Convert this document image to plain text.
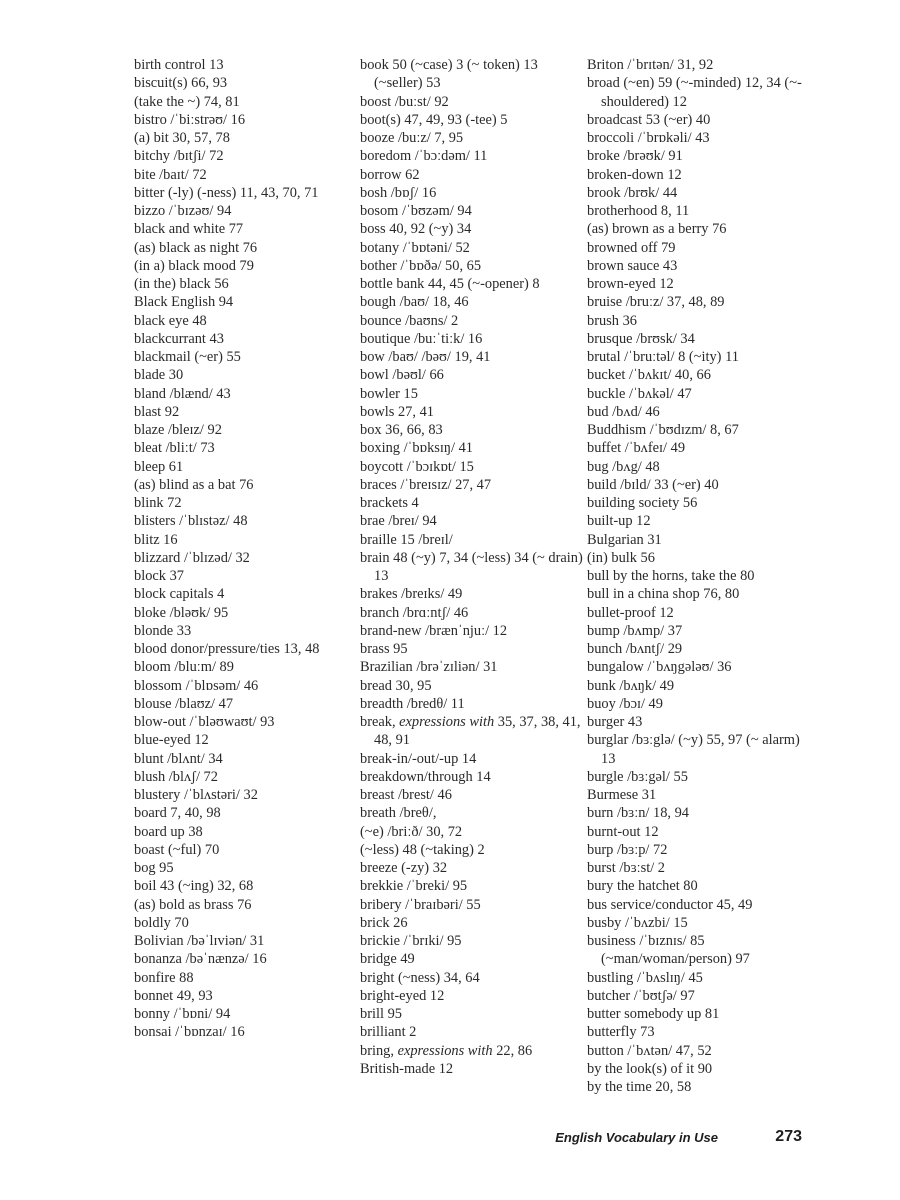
birth control 13
biscuit(s) 66, 93
(take the ~) 74, 81
bistro /ˈbiːstrəʊ/ 16
(a) bit 30, 57, 78
bitchy /bɪtʃi/ 72
bite /baɪt/ 72
bitter (-ly) (-ness) 11, 43, 70, 71
bizzo /ˈbɪzəʊ/ 94
black and white 77
(as) black as night 76
(in a) black mood 79
(in the) black 56
Black English 94
black eye 48
blackcurrant 43
blackmail (~er) 55
blade 30
bland /blænd/ 43
blast 92
blaze /bleɪz/ 92
bleat /bliːt/ 73
bleep 61
(as) blind as a bat 76
blink 72
blisters /ˈblɪstəz/ 48
blitz 16
blizzard /ˈblɪzəd/ 32
block 37
block capitals 4
bloke /bləʊk/ 95
blonde 33
blood donor/pressure/ties 13, 48
bloom /bluːm/ 89
blossom /ˈblɒsəm/ 46
blouse /blaʊz/ 47
blow-out /ˈbləʊwaʊt/ 93
blue-eyed 12
blunt /blʌnt/ 34
blush /blʌʃ/ 72
blustery /ˈblʌstəri/ 32
board 7, 40, 98
board up 38
boast (~ful) 70
bog 95
boil 43 (~ing) 32, 68
(as) bold as brass 76
boldly 70
Bolivian /bəˈlɪviən/ 31
bonanza /bəˈnænzə/ 16
bonfire 88
bonnet 49, 93
bonny /ˈbɒni/ 94
bonsai /ˈbɒnzaɪ/ 16
book 50 (~case) 3 (~ token) 13 (~seller) 53
boost /buːst/ 92
boot(s) 47, 49, 93 (-tee) 5
booze /buːz/ 7, 95
boredom /ˈbɔːdəm/ 11
borrow 62
bosh /bɒʃ/ 16
bosom /ˈbʊzəm/ 94
boss 40, 92 (~y) 34
botany /ˈbɒtəni/ 52
bother /ˈbɒðə/ 50, 65
bottle bank 44, 45 (~-opener) 8
bough /baʊ/ 18, 46
bounce /baʊns/ 2
boutique /buːˈtiːk/ 16
bow /baʊ/ /bəʊ/ 19, 41
bowl /bəʊl/ 66
bowler 15
bowls 27, 41
box 36, 66, 83
boxing /ˈbɒksɪŋ/ 41
boycott /ˈbɔɪkɒt/ 15
braces /ˈbreɪsɪz/ 27, 47
brackets 4
brae /breɪ/ 94
braille 15 /breɪl/
brain 48 (~y) 7, 34 (~less) 34 (~ drain) 13
brakes /breɪks/ 49
branch /brɑːntʃ/ 46
brand-new /brænˈnjuː/ 12
brass 95
Brazilian /brəˈzɪliən/ 31
bread 30, 95
breadth /bredθ/ 11
break, expressions with 35, 37, 38, 41, 48, 91
break-in/-out/-up 14
breakdown/through 14
breast /brest/ 46
breath /breθ/,
(~e) /briːð/ 30, 72
(~less) 48 (~taking) 2
breeze (-zy) 32
brekkie /ˈbreki/ 95
bribery /ˈbraɪbəri/ 55
brick 26
brickie /ˈbrɪki/ 95
bridge 49
bright (~ness) 34, 64
bright-eyed 12
brill 95
brilliant 2
bring, expressions with 22, 86
British-made 12
Briton /ˈbrɪtən/ 31, 92
broad (~en) 59 (~-minded) 12, 34 (~-shouldered) 12
broadcast 53 (~er) 40
broccoli /ˈbrɒkəli/ 43
broke /brəʊk/ 91
broken-down 12
brook /brʊk/ 44
brotherhood 8, 11
(as) brown as a berry 76
browned off 79
brown sauce 43
brown-eyed 12
bruise /bruːz/ 37, 48, 89
brush 36
brusque /brʊsk/ 34
brutal /ˈbruːtəl/ 8 (~ity) 11
bucket /ˈbʌkɪt/ 40, 66
buckle /ˈbʌkəl/ 47
bud /bʌd/ 46
Buddhism /ˈbʊdɪzm/ 8, 67
buffet /ˈbʌfeɪ/ 49
bug /bʌg/ 48
build /bɪld/ 33 (~er) 40
building society 56
built-up 12
Bulgarian 31
(in) bulk 56
bull by the horns, take the 80
bull in a china shop 76, 80
bullet-proof 12
bump /bʌmp/ 37
bunch /bʌntʃ/ 29
bungalow /ˈbʌŋgələʊ/ 36
bunk /bʌŋk/ 49
buoy /bɔɪ/ 49
burger 43
burglar /bɜːglə/ (~y) 55, 97 (~ alarm) 13
burgle /bɜːgəl/ 55
Burmese 31
burn /bɜːn/ 18, 94
burnt-out 12
burp /bɜːp/ 72
burst /bɜːst/ 2
bury the hatchet 80
bus service/conductor 45, 49
busby /ˈbʌzbi/ 15
business /ˈbɪznɪs/ 85 (~man/woman/person) 97
bustling /ˈbʌslɪŋ/ 45
butcher /ˈbʊtʃə/ 97
butter somebody up 81
butterfly 73
button /ˈbʌtən/ 47, 52
by the look(s) of it 90
by the time 20, 58
English Vocabulary in Use	273
